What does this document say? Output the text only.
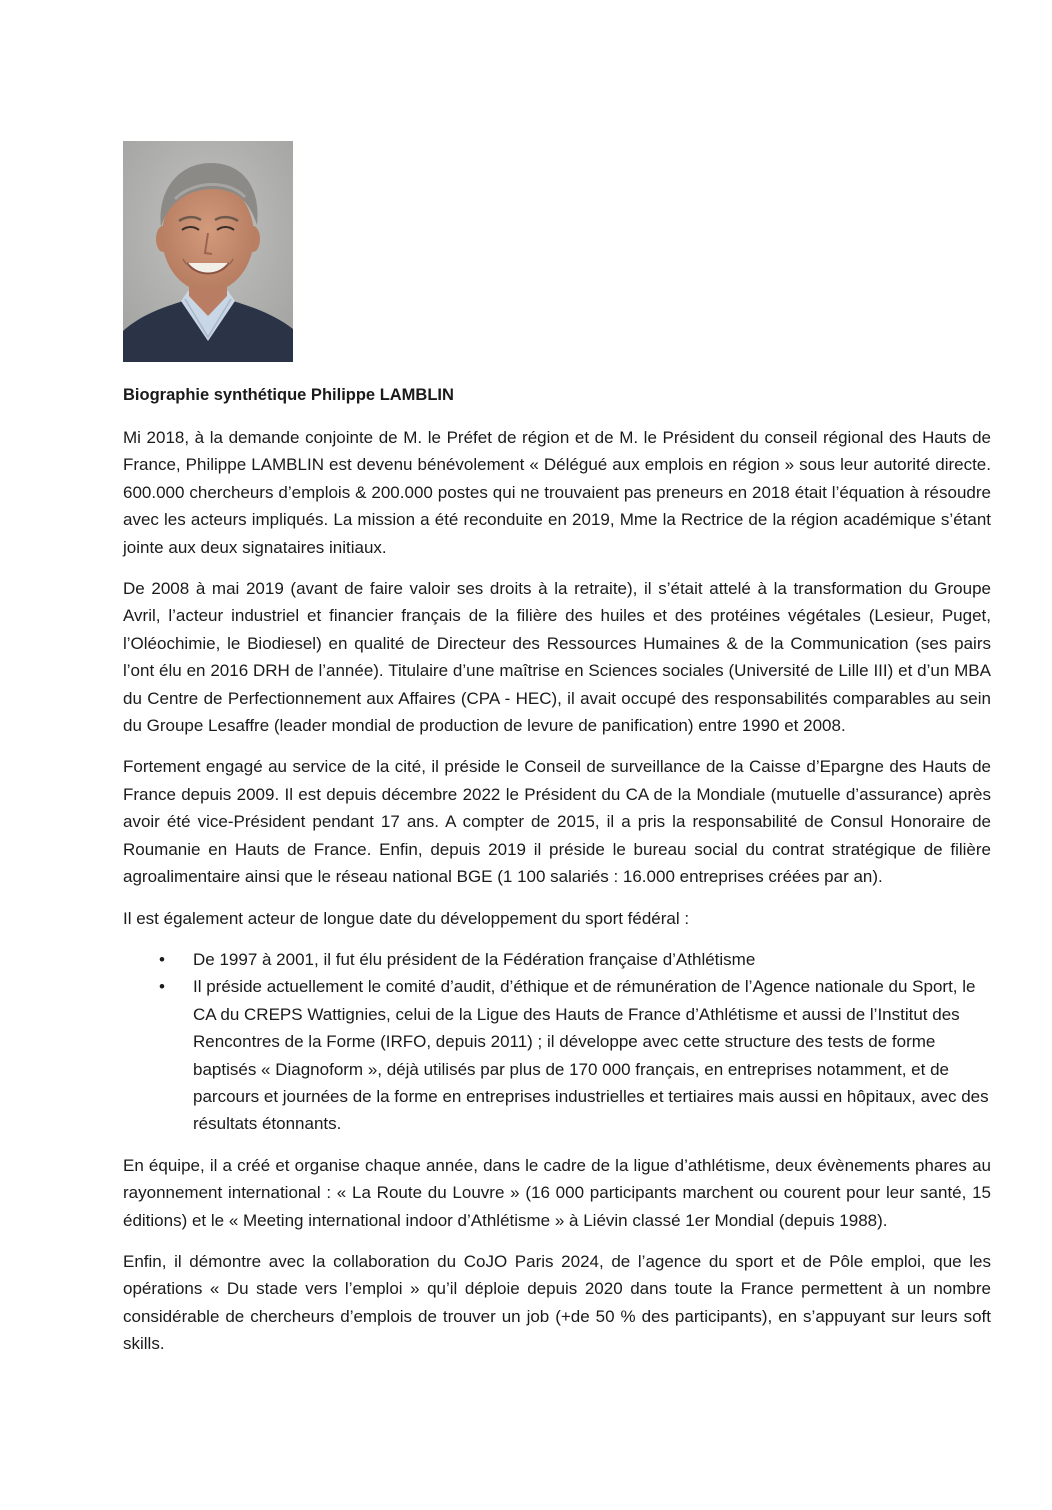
Biographie synthétique Philippe LAMBLIN

Mi 2018, à la demande conjointe de M. le Préfet de région et de M. le Président du conseil régional des Hauts de France, Philippe LAMBLIN est devenu bénévolement « Délégué aux emplois en région » sous leur autorité directe. 600.000 chercheurs d’emplois & 200.000 postes qui ne trouvaient pas preneurs en 2018 était l’équation à résoudre avec les acteurs impliqués. La mission a été reconduite en 2019, Mme la Rectrice de la région académique s’étant jointe aux deux signataires initiaux.

De 2008 à mai 2019 (avant de faire valoir ses droits à la retraite), il s’était attelé à la transformation du Groupe Avril, l’acteur industriel et financier français de la filière des huiles et des protéines végétales (Lesieur, Puget, l’Oléochimie, le Biodiesel) en qualité de Directeur des Ressources Humaines & de la Communication (ses pairs l’ont élu en 2016 DRH de l’année). Titulaire d’une maîtrise en Sciences sociales (Université de Lille III) et d’un MBA du Centre de Perfectionnement aux Affaires (CPA - HEC), il avait occupé des responsabilités comparables au sein du Groupe Lesaffre (leader mondial de production de levure de panification) entre 1990 et 2008.

Fortement engagé au service de la cité, il préside le Conseil de surveillance de la Caisse d’Epargne des Hauts de France depuis 2009. Il est depuis décembre 2022 le Président du CA de la Mondiale (mutuelle d’assurance) après avoir été vice-Président pendant 17 ans. A compter de 2015, il a pris la responsabilité de Consul Honoraire de Roumanie en Hauts de France. Enfin, depuis 2019 il préside le bureau social du contrat stratégique de filière agroalimentaire ainsi que le réseau national BGE (1 100 salariés : 16.000 entreprises créées par an).

Il est également acteur de longue date du développement du sport fédéral :

• De 1997 à 2001, il fut élu président de la Fédération française d’Athlétisme
• Il préside actuellement le comité d’audit, d’éthique et de rémunération de l’Agence nationale du Sport, le CA du CREPS Wattignies, celui de la Ligue des Hauts de France d’Athlétisme et aussi de l’Institut des Rencontres de la Forme (IRFO, depuis 2011) ; il développe avec cette structure des tests de forme baptisés « Diagnoform », déjà utilisés par plus de 170 000 français, en entreprises notamment, et de parcours et journées de la forme en entreprises industrielles et tertiaires mais aussi en hôpitaux, avec des résultats étonnants.

En équipe, il a créé et organise chaque année, dans le cadre de la ligue d’athlétisme, deux évènements phares au rayonnement international : « La Route du Louvre » (16 000 participants marchent ou courent pour leur santé, 15 éditions) et le « Meeting international indoor d’Athlétisme » à Liévin classé 1er Mondial (depuis 1988).

Enfin, il démontre avec la collaboration du CoJO Paris 2024, de l’agence du sport et de Pôle emploi, que les opérations « Du stade vers l’emploi » qu’il déploie depuis 2020 dans toute la France permettent à un nombre considérable de chercheurs d’emplois de trouver un job (+de 50 % des participants), en s’appuyant sur leurs soft skills.
